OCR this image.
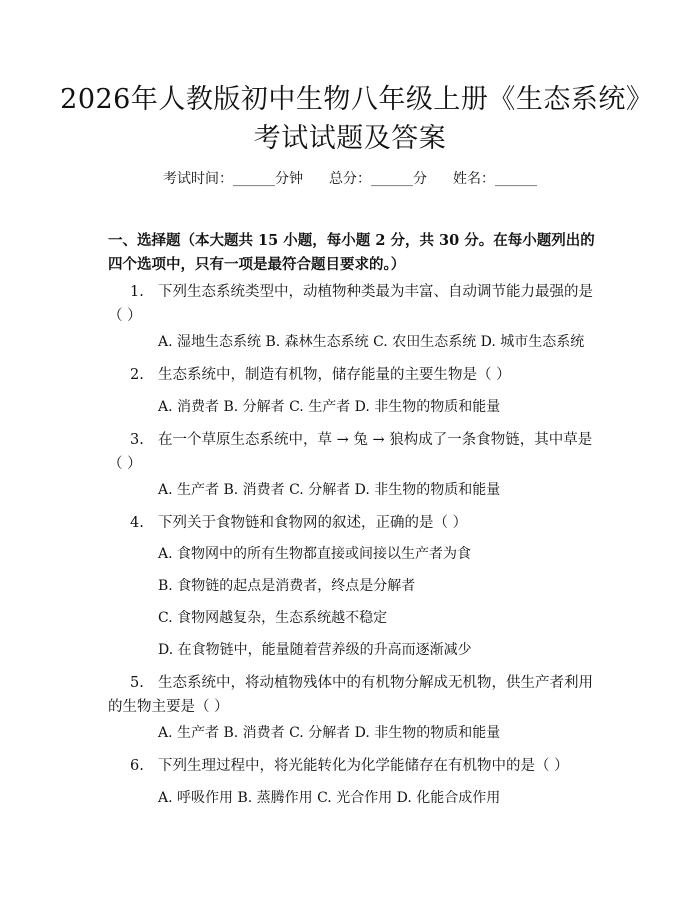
2026年人教版初中生物八年级上册《生态系统》考试试题及答案
考试时间：______分钟 总分：______分 姓名：______
一、选择题（本大题共 15 小题，每小题 2 分，共 30 分。在每小题列出的四个选项中，只有一项是最符合题目要求的。）
1. 下列生态系统类型中，动植物种类最为丰富、自动调节能力最强的是（ ）
A. 湿地生态系统 B. 森林生态系统 C. 农田生态系统 D. 城市生态系统
2. 生态系统中，制造有机物，储存能量的主要生物是（ ）
A. 消费者 B. 分解者 C. 生产者 D. 非生物的物质和能量
3. 在一个草原生态系统中，草 → 兔 → 狼构成了一条食物链，其中草是（ ）
A. 生产者 B. 消费者 C. 分解者 D. 非生物的物质和能量
4. 下列关于食物链和食物网的叙述，正确的是（ ）
A. 食物网中的所有生物都直接或间接以生产者为食
B. 食物链的起点是消费者，终点是分解者
C. 食物网越复杂，生态系统越不稳定
D. 在食物链中，能量随着营养级的升高而逐渐减少
5. 生态系统中，将动植物残体中的有机物分解成无机物，供生产者利用的生物主要是（ ）
A. 生产者 B. 消费者 C. 分解者 D. 非生物的物质和能量
6. 下列生理过程中，将光能转化为化学能储存在有机物中的是（ ）
A. 呼吸作用 B. 蒸腾作用 C. 光合作用 D. 化能合成作用
